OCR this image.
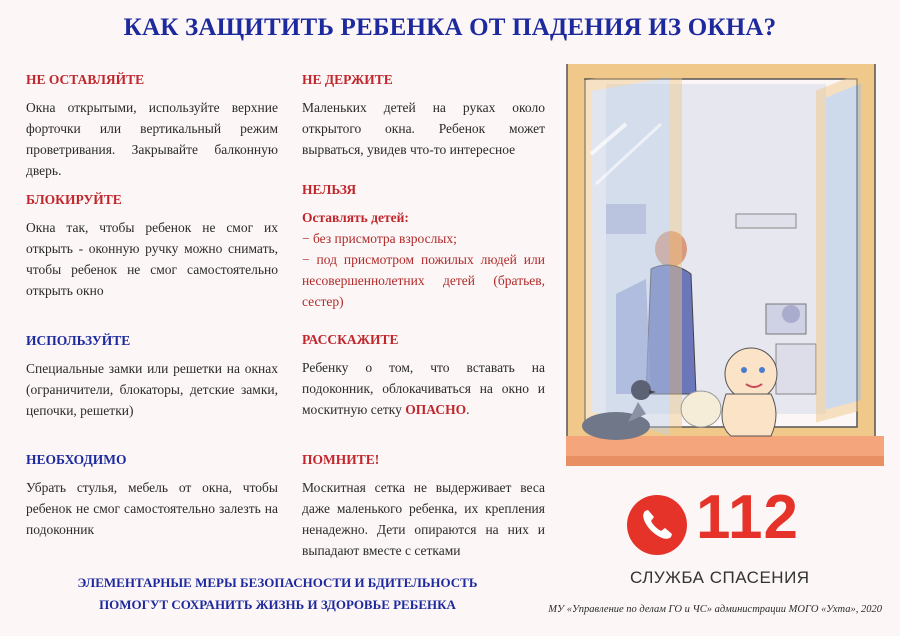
КАК ЗАЩИТИТЬ РЕБЕНКА ОТ ПАДЕНИЯ ИЗ ОКНА?
НЕ ОСТАВЛЯЙТЕ

Окна открытыми, используйте верхние форточки или вертикальный режим проветривания. Закрывайте балконную дверь.

БЛОКИРУЙТЕ

Окна так, чтобы ребенок не смог их открыть - оконную ручку можно снимать, чтобы ребенок не смог самостоятельно открыть окно

ИСПОЛЬЗУЙТЕ

Специальные замки или решетки на окнах (ограничители, блокаторы, детские замки, цепочки, решетки)

НЕОБХОДИМО

Убрать стулья, мебель от окна, чтобы ребенок не смог самостоятельно залезть на подоконник

НЕ ДЕРЖИТЕ

Маленьких детей на руках около открытого окна. Ребенок может вырваться, увидев что-то интересное

НЕЛЬЗЯ

Оставлять детей:

− без присмотра взрослых;

− под присмотром пожилых людей или несовершеннолетних детей (братьев, сестер)

РАССКАЖИТЕ

Ребенку о том, что вставать на подоконник, облокачиваться на окно и москитную сетку ОПАСНО.

ПОМНИТЕ!

Москитная сетка не выдерживает веса даже маленького ребенка, их крепления ненадежно. Дети опираются на них и выпадают вместе с сетками	112
СЛУЖБА СПАСЕНИЯ
ЭЛЕМЕНТАРНЫЕ МЕРЫ БЕЗОПАСНОСТИ И БДИТЕЛЬНОСТЬ
ПОМОГУТ СОХРАНИТЬ ЖИЗНЬ И ЗДОРОВЬЕ РЕБЕНКА	МУ «Управление по делам ГО и ЧС» администрации МОГО «Ухта», 2020
